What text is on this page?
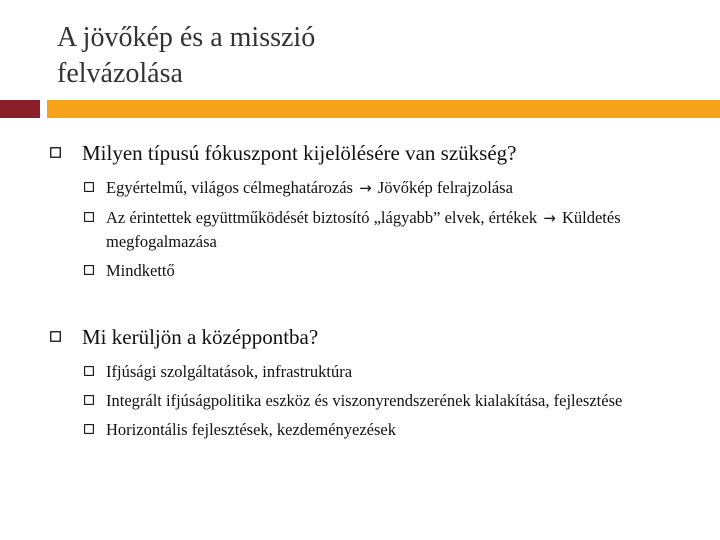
A jövőkép és a misszió
felvázolása
Milyen típusú fókuszpont kijelölésére van szükség?
Egyértelmű, világos célmeghatározás → Jövőkép felrajzolása
Az érintettek együttműködését biztosító „lágyabb” elvek, értékek → Küldetés megfogalmazása
Mindkettő
Mi kerüljön a középpontba?
Ifjúsági szolgáltatások, infrastruktúra
Integrált ifjúságpolitika eszköz és viszonyrendszerének kialakítása, fejlesztése
Horizontális fejlesztések, kezdeményezések
